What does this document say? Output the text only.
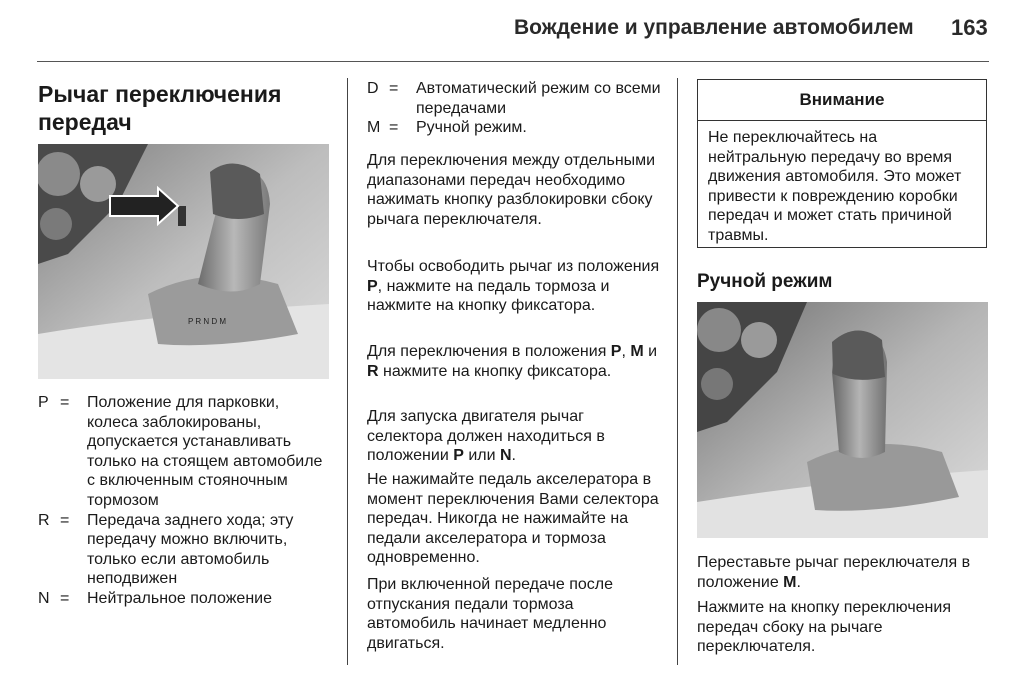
Вождение и управление автомобилем 163
Рычаг переключения передач
P R N D M
P =	Положение для парковки, колеса заблокированы, допускается устанавливать только на стоящем автомобиле с включенным стояночным тормозом
R =	Передача заднего хода; эту передачу можно включить, только если автомобиль неподвижен
N =	Нейтральное положение
D =	Автоматический режим со всеми передачами
M =	Ручной режим.
Для переключения между отдельными диапазонами передач необходимо нажимать кнопку разблокировки сбоку рычага переключателя.
Чтобы освободить рычаг из положения P, нажмите на педаль тормоза и нажмите на кнопку фиксатора.
Для переключения в положения P, M и R нажмите на кнопку фиксатора.
Для запуска двигателя рычаг селектора должен находиться в положении P или N.
Не нажимайте педаль акселератора в момент переключения Вами селектора передач. Никогда не нажимайте на педали акселератора и тормоза одновременно.
При включенной передаче после отпускания педали тормоза автомобиль начинает медленно двигаться.
Внимание
Не переключайтесь на нейтральную передачу во время движения автомобиля. Это может привести к повреждению коробки передач и может стать причиной травмы.
Ручной режим
Переставьте рычаг переключателя в положение M.
Нажмите на кнопку переключения передач сбоку на рычаге переключателя.
